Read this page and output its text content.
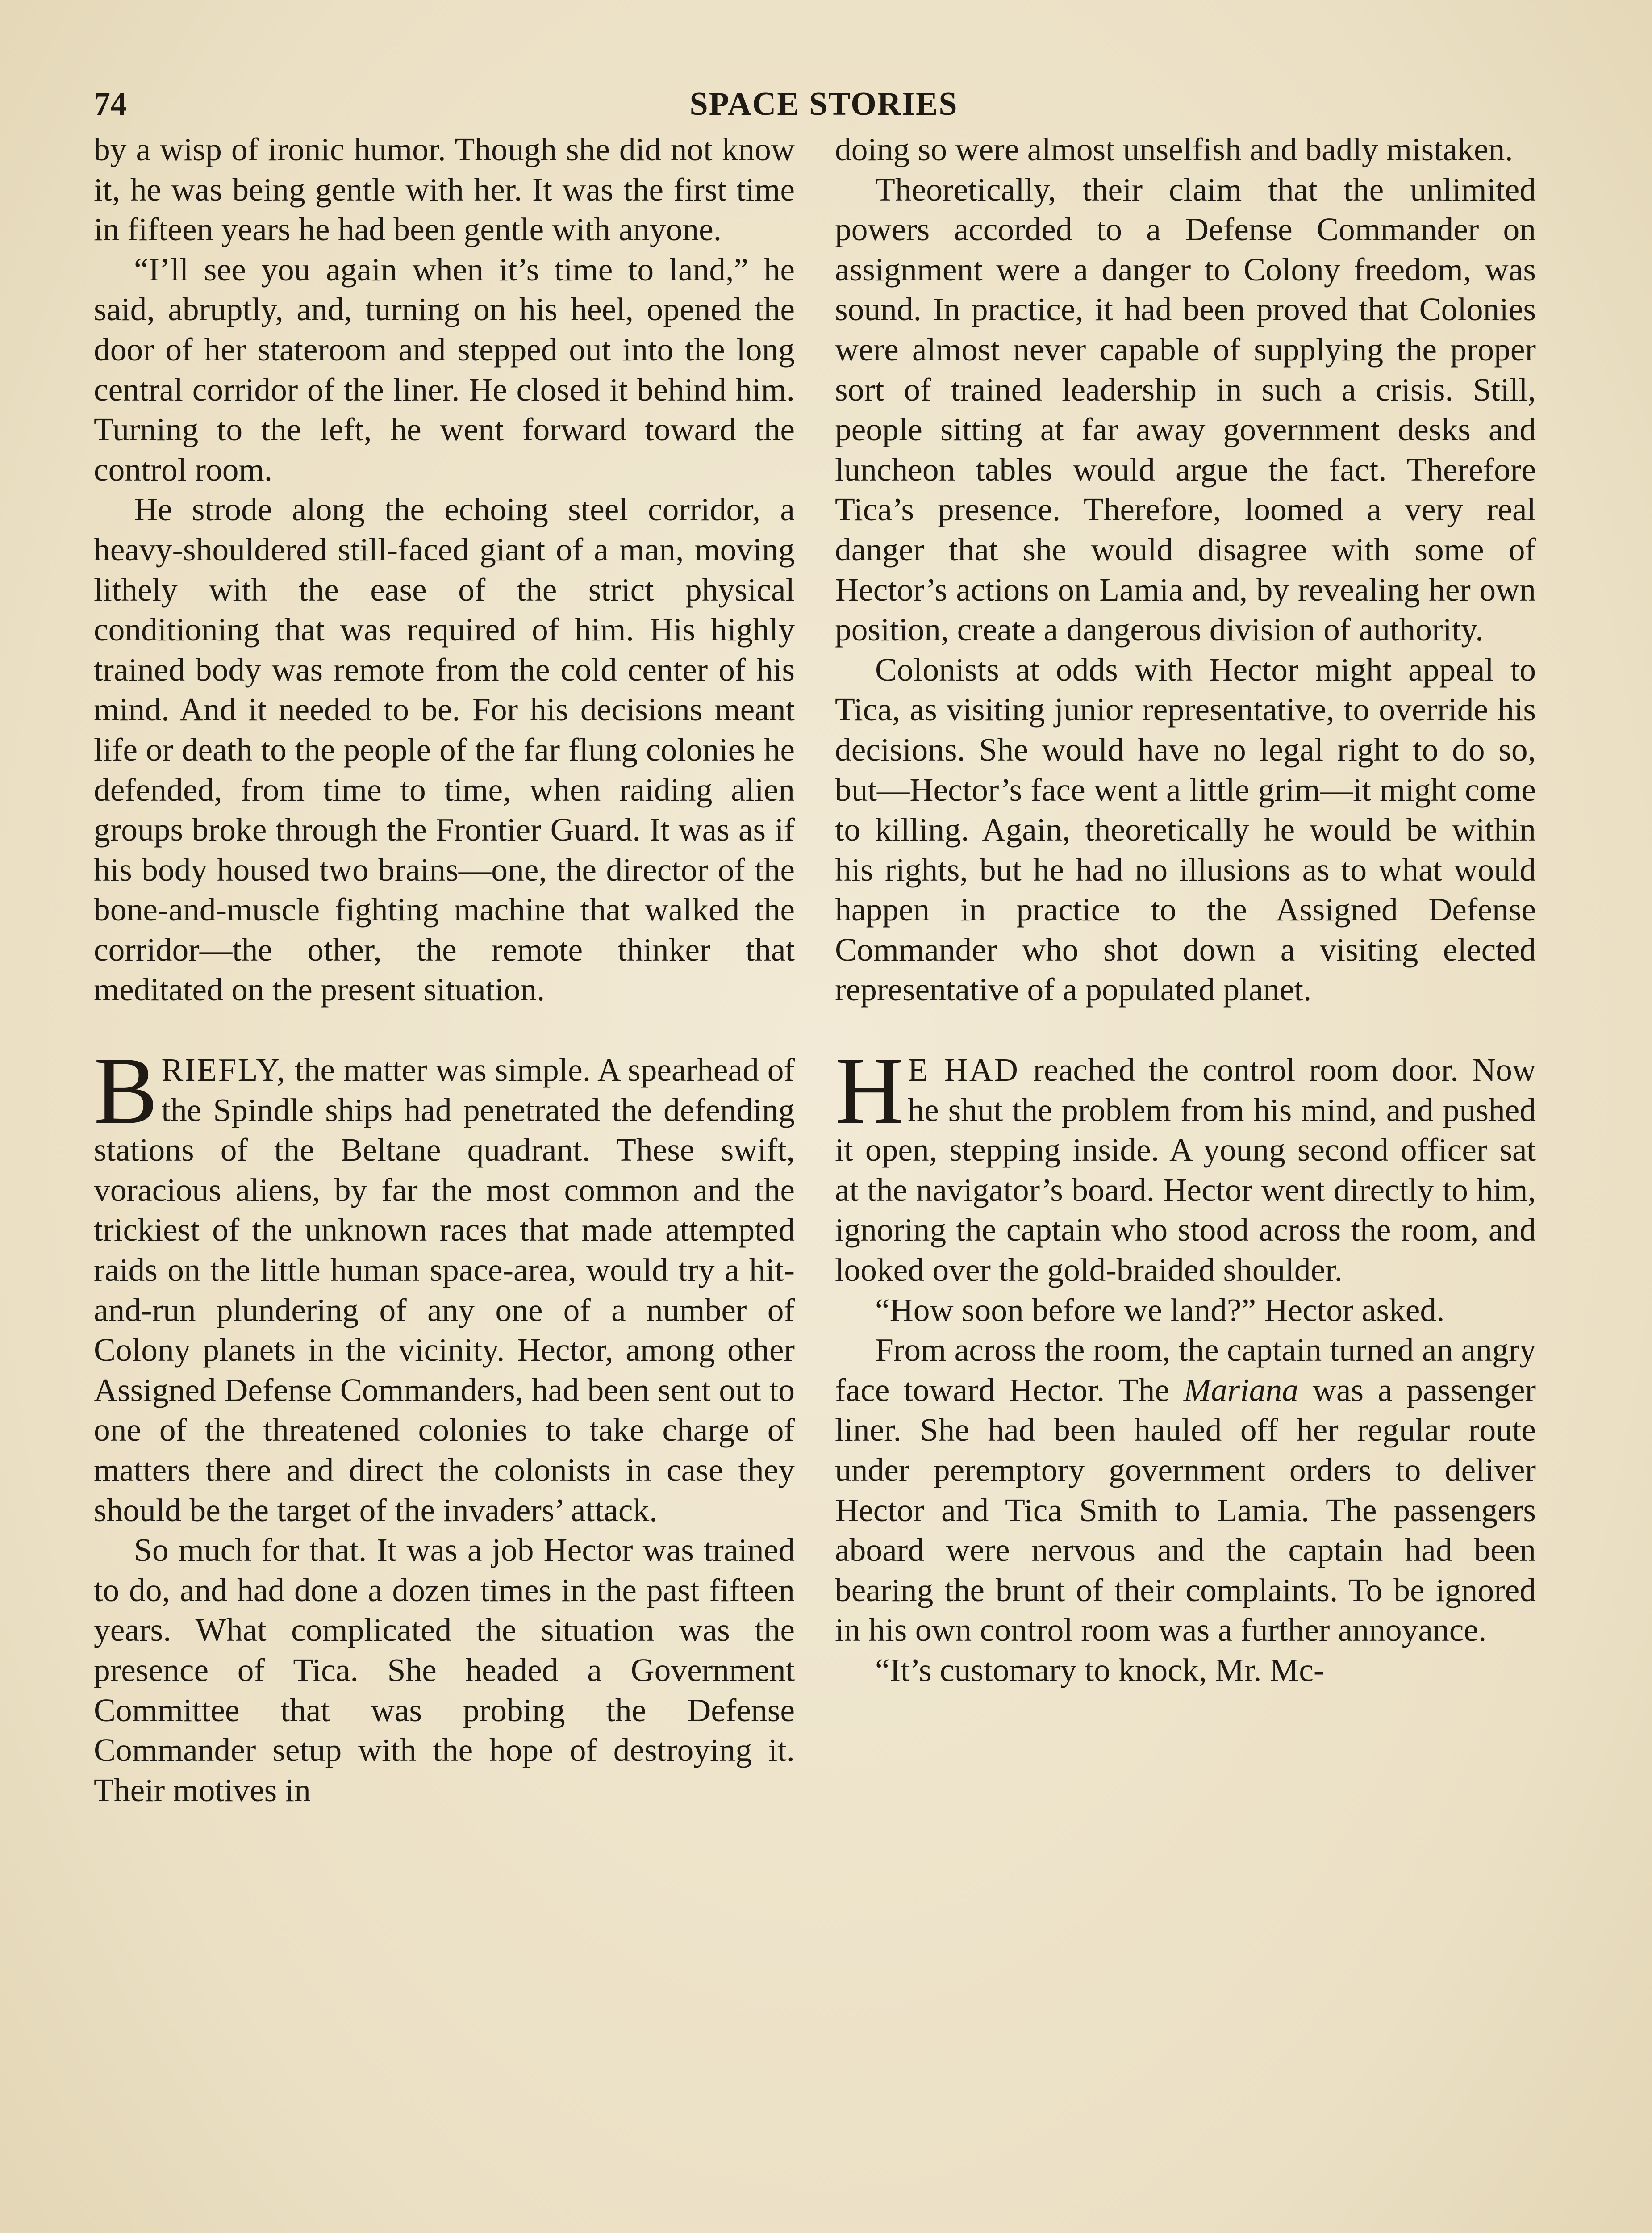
74	SPACE STORIES

by a wisp of ironic humor. Though she did not know it, he was being gentle with her. It was the first time in fifteen years he had been gentle with anyone.

“I’ll see you again when it’s time to land,” he said, abruptly, and, turning on his heel, opened the door of her stateroom and stepped out into the long central corridor of the liner. He closed it behind him. Turning to the left, he went forward toward the control room.

He strode along the echoing steel corridor, a heavy-shouldered still-faced giant of a man, moving lithely with the ease of the strict physical conditioning that was required of him. His highly trained body was remote from the cold center of his mind. And it needed to be. For his decisions meant life or death to the people of the far flung colonies he defended, from time to time, when raiding alien groups broke through the Frontier Guard. It was as if his body housed two brains—one, the director of the bone-and-muscle fighting machine that walked the corridor—the other, the remote thinker that meditated on the present situation.

BRIEFLY, the matter was simple. A spearhead of the Spindle ships had penetrated the defending stations of the Beltane quadrant. These swift, voracious aliens, by far the most common and the trickiest of the unknown races that made attempted raids on the little human space-area, would try a hit-and-run plundering of any one of a number of Colony planets in the vicinity. Hector, among other Assigned Defense Commanders, had been sent out to one of the threatened colonies to take charge of matters there and direct the colonists in case they should be the target of the invaders’ attack.

So much for that. It was a job Hector was trained to do, and had done a dozen times in the past fifteen years. What complicated the situation was the presence of Tica. She headed a Government Committee that was probing the Defense Commander setup with the hope of destroying it. Their motives in

doing so were almost unselfish and badly mistaken.

Theoretically, their claim that the unlimited powers accorded to a Defense Commander on assignment were a danger to Colony freedom, was sound. In practice, it had been proved that Colonies were almost never capable of supplying the proper sort of trained leadership in such a crisis. Still, people sitting at far away government desks and luncheon tables would argue the fact. Therefore Tica’s presence. Therefore, loomed a very real danger that she would disagree with some of Hector’s actions on Lamia and, by revealing her own position, create a dangerous division of authority.

Colonists at odds with Hector might appeal to Tica, as visiting junior representative, to override his decisions. She would have no legal right to do so, but—Hector’s face went a little grim—it might come to killing. Again, theoretically he would be within his rights, but he had no illusions as to what would happen in practice to the Assigned Defense Commander who shot down a visiting elected representative of a populated planet.

H E HAD reached the control room door. Now he shut the problem from his mind, and pushed it open, stepping inside. A young second officer sat at the navigator’s board. Hector went directly to him, ignoring the captain who stood across the room, and looked over the gold-braided shoulder.

“How soon before we land?” Hector asked.

From across the room, the captain turned an angry face toward Hector. The Mariana was a passenger liner. She had been hauled off her regular route under peremptory government orders to deliver Hector and Tica Smith to Lamia. The passengers aboard were nervous and the captain had been bearing the brunt of their complaints. To be ignored in his own control room was a further annoyance.

“It’s customary to knock, Mr. Mc-
